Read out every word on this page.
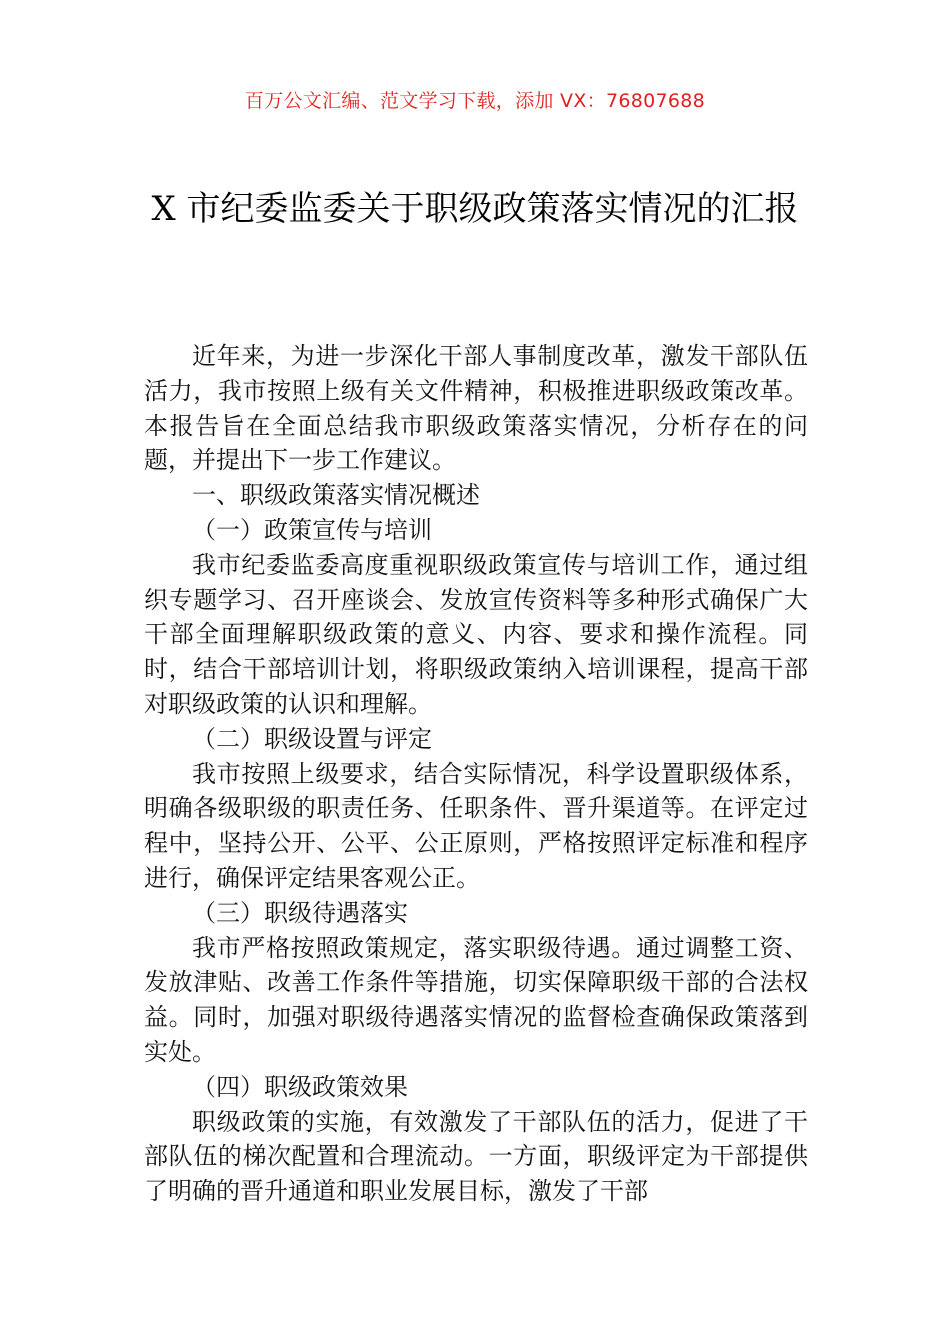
百万公文汇编、范文学习下载，添加 VX：76807688
X 市纪委监委关于职级政策落实情况的汇报

近年来，为进一步深化干部人事制度改革，激发干部队伍活力，我市按照上级有关文件精神，积极推进职级政策改革。本报告旨在全面总结我市职级政策落实情况，分析存在的问题，并提出下一步工作建议。

一、职级政策落实情况概述

（一）政策宣传与培训

我市纪委监委高度重视职级政策宣传与培训工作，通过组织专题学习、召开座谈会、发放宣传资料等多种形式确保广大干部全面理解职级政策的意义、内容、要求和操作流程。同时，结合干部培训计划，将职级政策纳入培训课程，提高干部对职级政策的认识和理解。

（二）职级设置与评定

我市按照上级要求，结合实际情况，科学设置职级体系，明确各级职级的职责任务、任职条件、晋升渠道等。在评定过程中，坚持公开、公平、公正原则，严格按照评定标准和程序进行，确保评定结果客观公正。

（三）职级待遇落实

我市严格按照政策规定，落实职级待遇。通过调整工资、发放津贴、改善工作条件等措施，切实保障职级干部的合法权益。同时，加强对职级待遇落实情况的监督检查确保政策落到实处。

（四）职级政策效果

职级政策的实施，有效激发了干部队伍的活力，促进了干部队伍的梯次配置和合理流动。一方面，职级评定为干部提供了明确的晋升通道和职业发展目标，激发了干部
